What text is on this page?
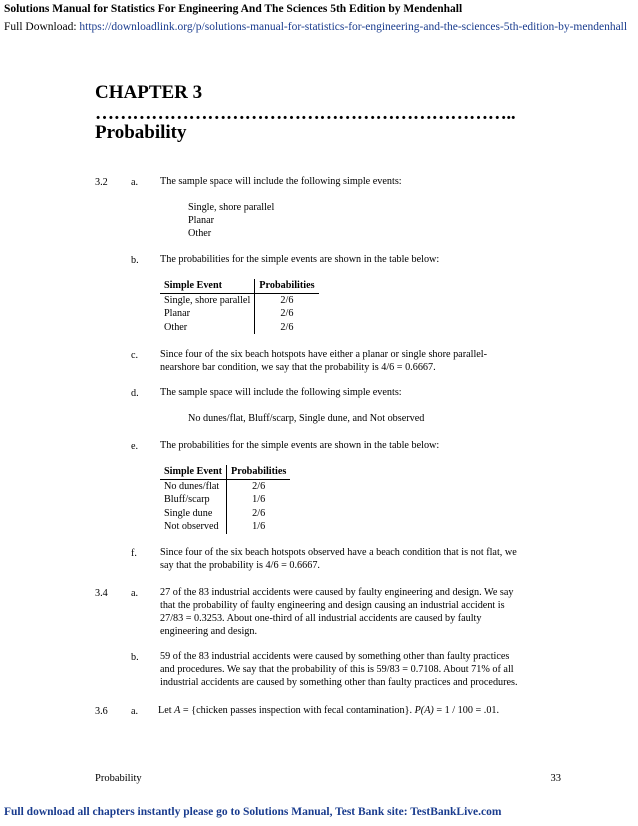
Solutions Manual for Statistics For Engineering And The Sciences 5th Edition by Mendenhall
Full Download: https://downloadlink.org/p/solutions-manual-for-statistics-for-engineering-and-the-sciences-5th-edition-by-mendenhall
CHAPTER 3
…………………………………………………………..
Probability
3.2 a. The sample space will include the following simple events:
Single, shore parallel
Planar
Other
b. The probabilities for the simple events are shown in the table below:
Simple Event	Probabilities
Single, shore parallel	2/6
Planar	2/6
Other	2/6
c. Since four of the six beach hotspots have either a planar or single shore parallel-
nearshore bar condition, we say that the probability is 4/6 = 0.6667.
d. The sample space will include the following simple events:
No dunes/flat, Bluff/scarp, Single dune, and Not observed
e. The probabilities for the simple events are shown in the table below:
Simple Event	Probabilities
No dunes/flat	2/6
Bluff/scarp	1/6
Single dune	2/6
Not observed	1/6
f. Since four of the six beach hotspots observed have a beach condition that is not flat, we
say that the probability is 4/6 = 0.6667.
3.4 a. 27 of the 83 industrial accidents were caused by faulty engineering and design. We say
that the probability of faulty engineering and design causing an industrial accident is
27/83 = 0.3253. About one-third of all industrial accidents are caused by faulty
engineering and design.
b. 59 of the 83 industrial accidents were caused by something other than faulty practices
and procedures. We say that the probability of this is 59/83 = 0.7108. About 71% of all
industrial accidents are caused by something other than faulty practices and procedures.
3.6 a. Let A = {chicken passes inspection with fecal contamination}. P(A) = 1 / 100 = .01.
Probability	33
Full download all chapters instantly please go to Solutions Manual, Test Bank site: TestBankLive.com
